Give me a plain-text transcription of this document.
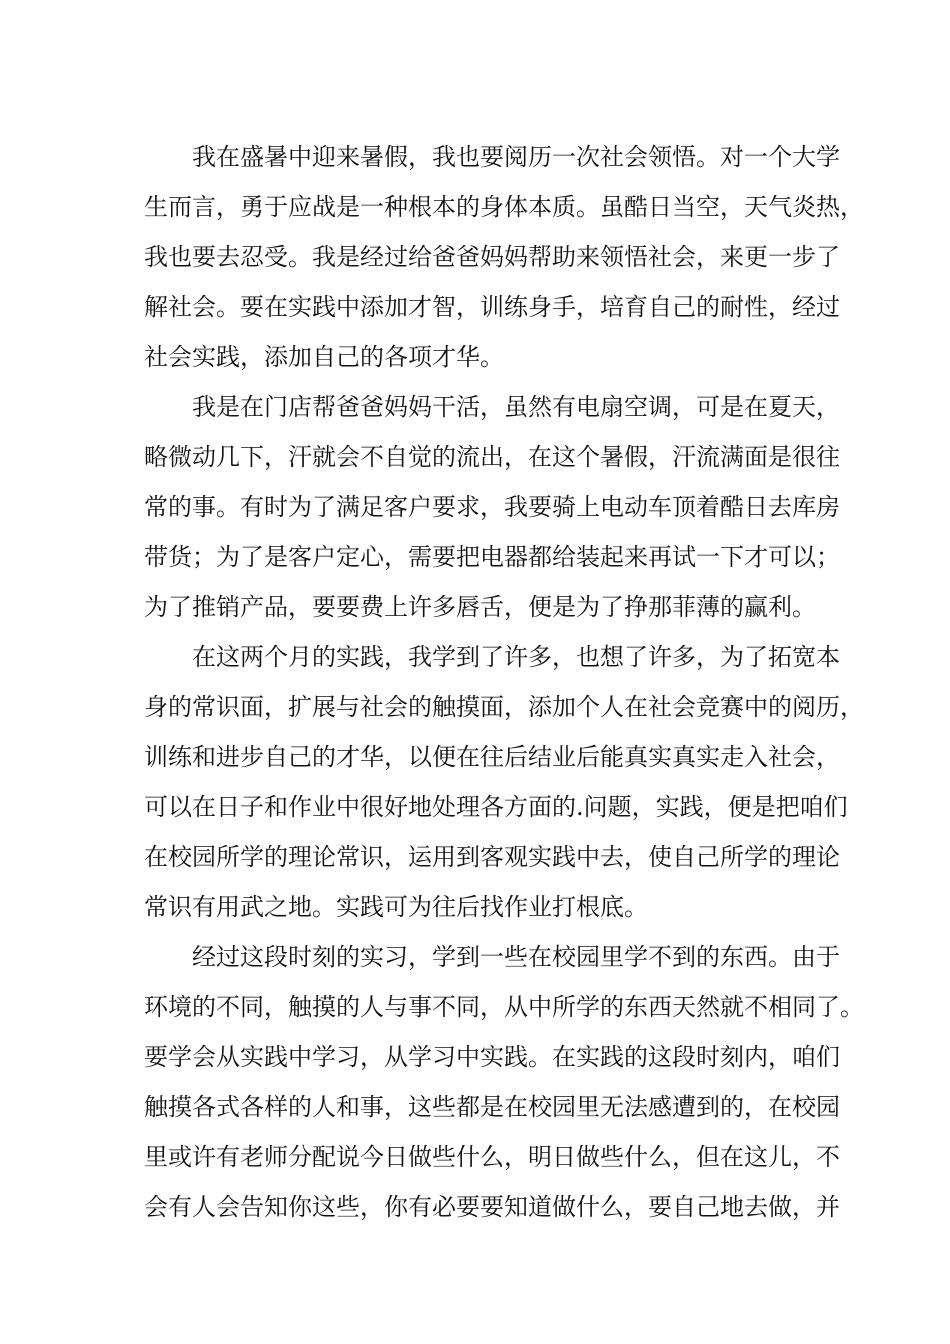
我在盛暑中迎来暑假，我也要阅历一次社会领悟。对一个大学
生而言，勇于应战是一种根本的身体本质。虽酷日当空，天气炎热，
我也要去忍受。我是经过给爸爸妈妈帮助来领悟社会，来更一步了
解社会。要在实践中添加才智，训练身手，培育自己的耐性，经过
社会实践，添加自己的各项才华。
我是在门店帮爸爸妈妈干活，虽然有电扇空调，可是在夏天，
略微动几下，汗就会不自觉的流出，在这个暑假，汗流满面是很往
常的事。有时为了满足客户要求，我要骑上电动车顶着酷日去库房
带货；为了是客户定心，需要把电器都给装起来再试一下才可以；
为了推销产品，要要费上许多唇舌，便是为了挣那菲薄的赢利。
在这两个月的实践，我学到了许多，也想了许多，为了拓宽本
身的常识面，扩展与社会的触摸面，添加个人在社会竞赛中的阅历，
训练和进步自己的才华，以便在往后结业后能真实真实走入社会，
可以在日子和作业中很好地处理各方面的.问题，实践，便是把咱们
在校园所学的理论常识，运用到客观实践中去，使自己所学的理论
常识有用武之地。实践可为往后找作业打根底。
经过这段时刻的实习，学到一些在校园里学不到的东西。由于
环境的不同，触摸的人与事不同，从中所学的东西天然就不相同了。
要学会从实践中学习，从学习中实践。在实践的这段时刻内，咱们
触摸各式各样的人和事，这些都是在校园里无法感遭到的，在校园
里或许有老师分配说今日做些什么，明日做些什么，但在这儿，不
会有人会告知你这些，你有必要要知道做什么，要自己地去做，并
